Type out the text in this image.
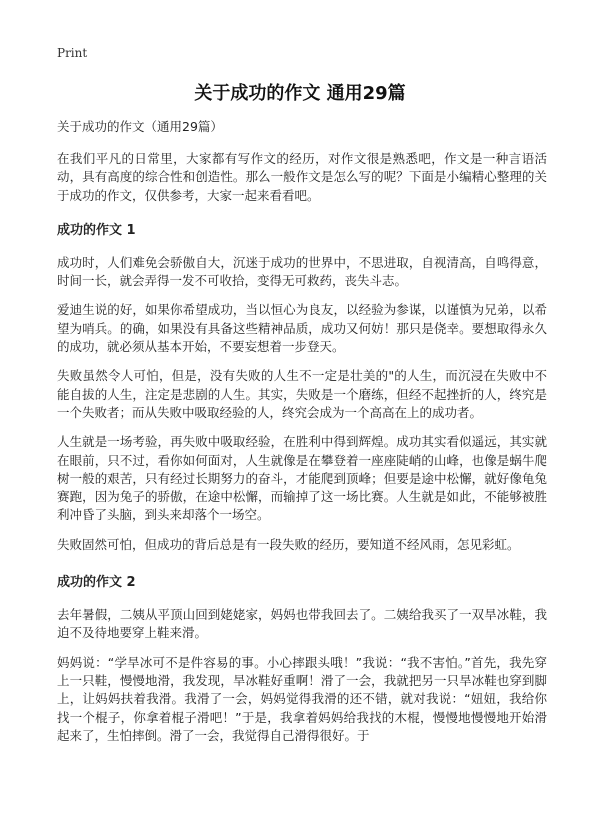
Print
关于成功的作文 通用29篇
关于成功的作文（通用29篇）

在我们平凡的日常里，大家都有写作文的经历，对作文很是熟悉吧，作文是一种言语活动，具有高度的综合性和创造性。那么一般作文是怎么写的呢？下面是小编精心整理的关于成功的作文，仅供参考，大家一起来看看吧。

成功的作文 1

成功时，人们难免会骄傲自大，沉迷于成功的世界中，不思进取，自视清高，自鸣得意，时间一长，就会弄得一发不可收拾，变得无可救药，丧失斗志。

爱迪生说的好，如果你希望成功，当以恒心为良友，以经验为参谋，以谨慎为兄弟，以希望为哨兵。的确，如果没有具备这些精神品质，成功又何妨！那只是侥幸。要想取得永久的成功，就必须从基本开始，不要妄想着一步登天。

失败虽然令人可怕，但是，没有失败的人生不一定是壮美的"的人生，而沉浸在失败中不能自拔的人生，注定是悲剧的人生。其实，失败是一个磨练，但经不起挫折的人，终究是一个失败者；而从失败中吸取经验的人，终究会成为一个高高在上的成功者。

人生就是一场考验，再失败中吸取经验，在胜利中得到辉煌。成功其实看似遥远，其实就在眼前，只不过，看你如何面对，人生就像是在攀登着一座座陡峭的山峰，也像是蜗牛爬树一般的艰苦，只有经过长期努力的奋斗，才能爬到顶峰；但要是途中松懈，就好像龟兔赛跑，因为兔子的骄傲，在途中松懈，而输掉了这一场比赛。人生就是如此，不能够被胜利冲昏了头脑，到头来却落个一场空。

失败固然可怕，但成功的背后总是有一段失败的经历，要知道不经风雨，怎见彩虹。

成功的作文 2

去年暑假，二姨从平顶山回到姥姥家，妈妈也带我回去了。二姨给我买了一双旱冰鞋，我迫不及待地要穿上鞋来滑。

妈妈说：“学旱冰可不是件容易的事。小心摔跟头哦！”我说：“我不害怕。”首先，我先穿上一只鞋，慢慢地滑，我发现，旱冰鞋好重啊！滑了一会，我就把另一只旱冰鞋也穿到脚上，让妈妈扶着我滑。我滑了一会，妈妈觉得我滑的还不错，就对我说：“妞妞，我给你找一个棍子，你拿着棍子滑吧！”于是，我拿着妈妈给我找的木棍，慢慢地慢慢地开始滑起来了，生怕摔倒。滑了一会，我觉得自己滑得很好。于
